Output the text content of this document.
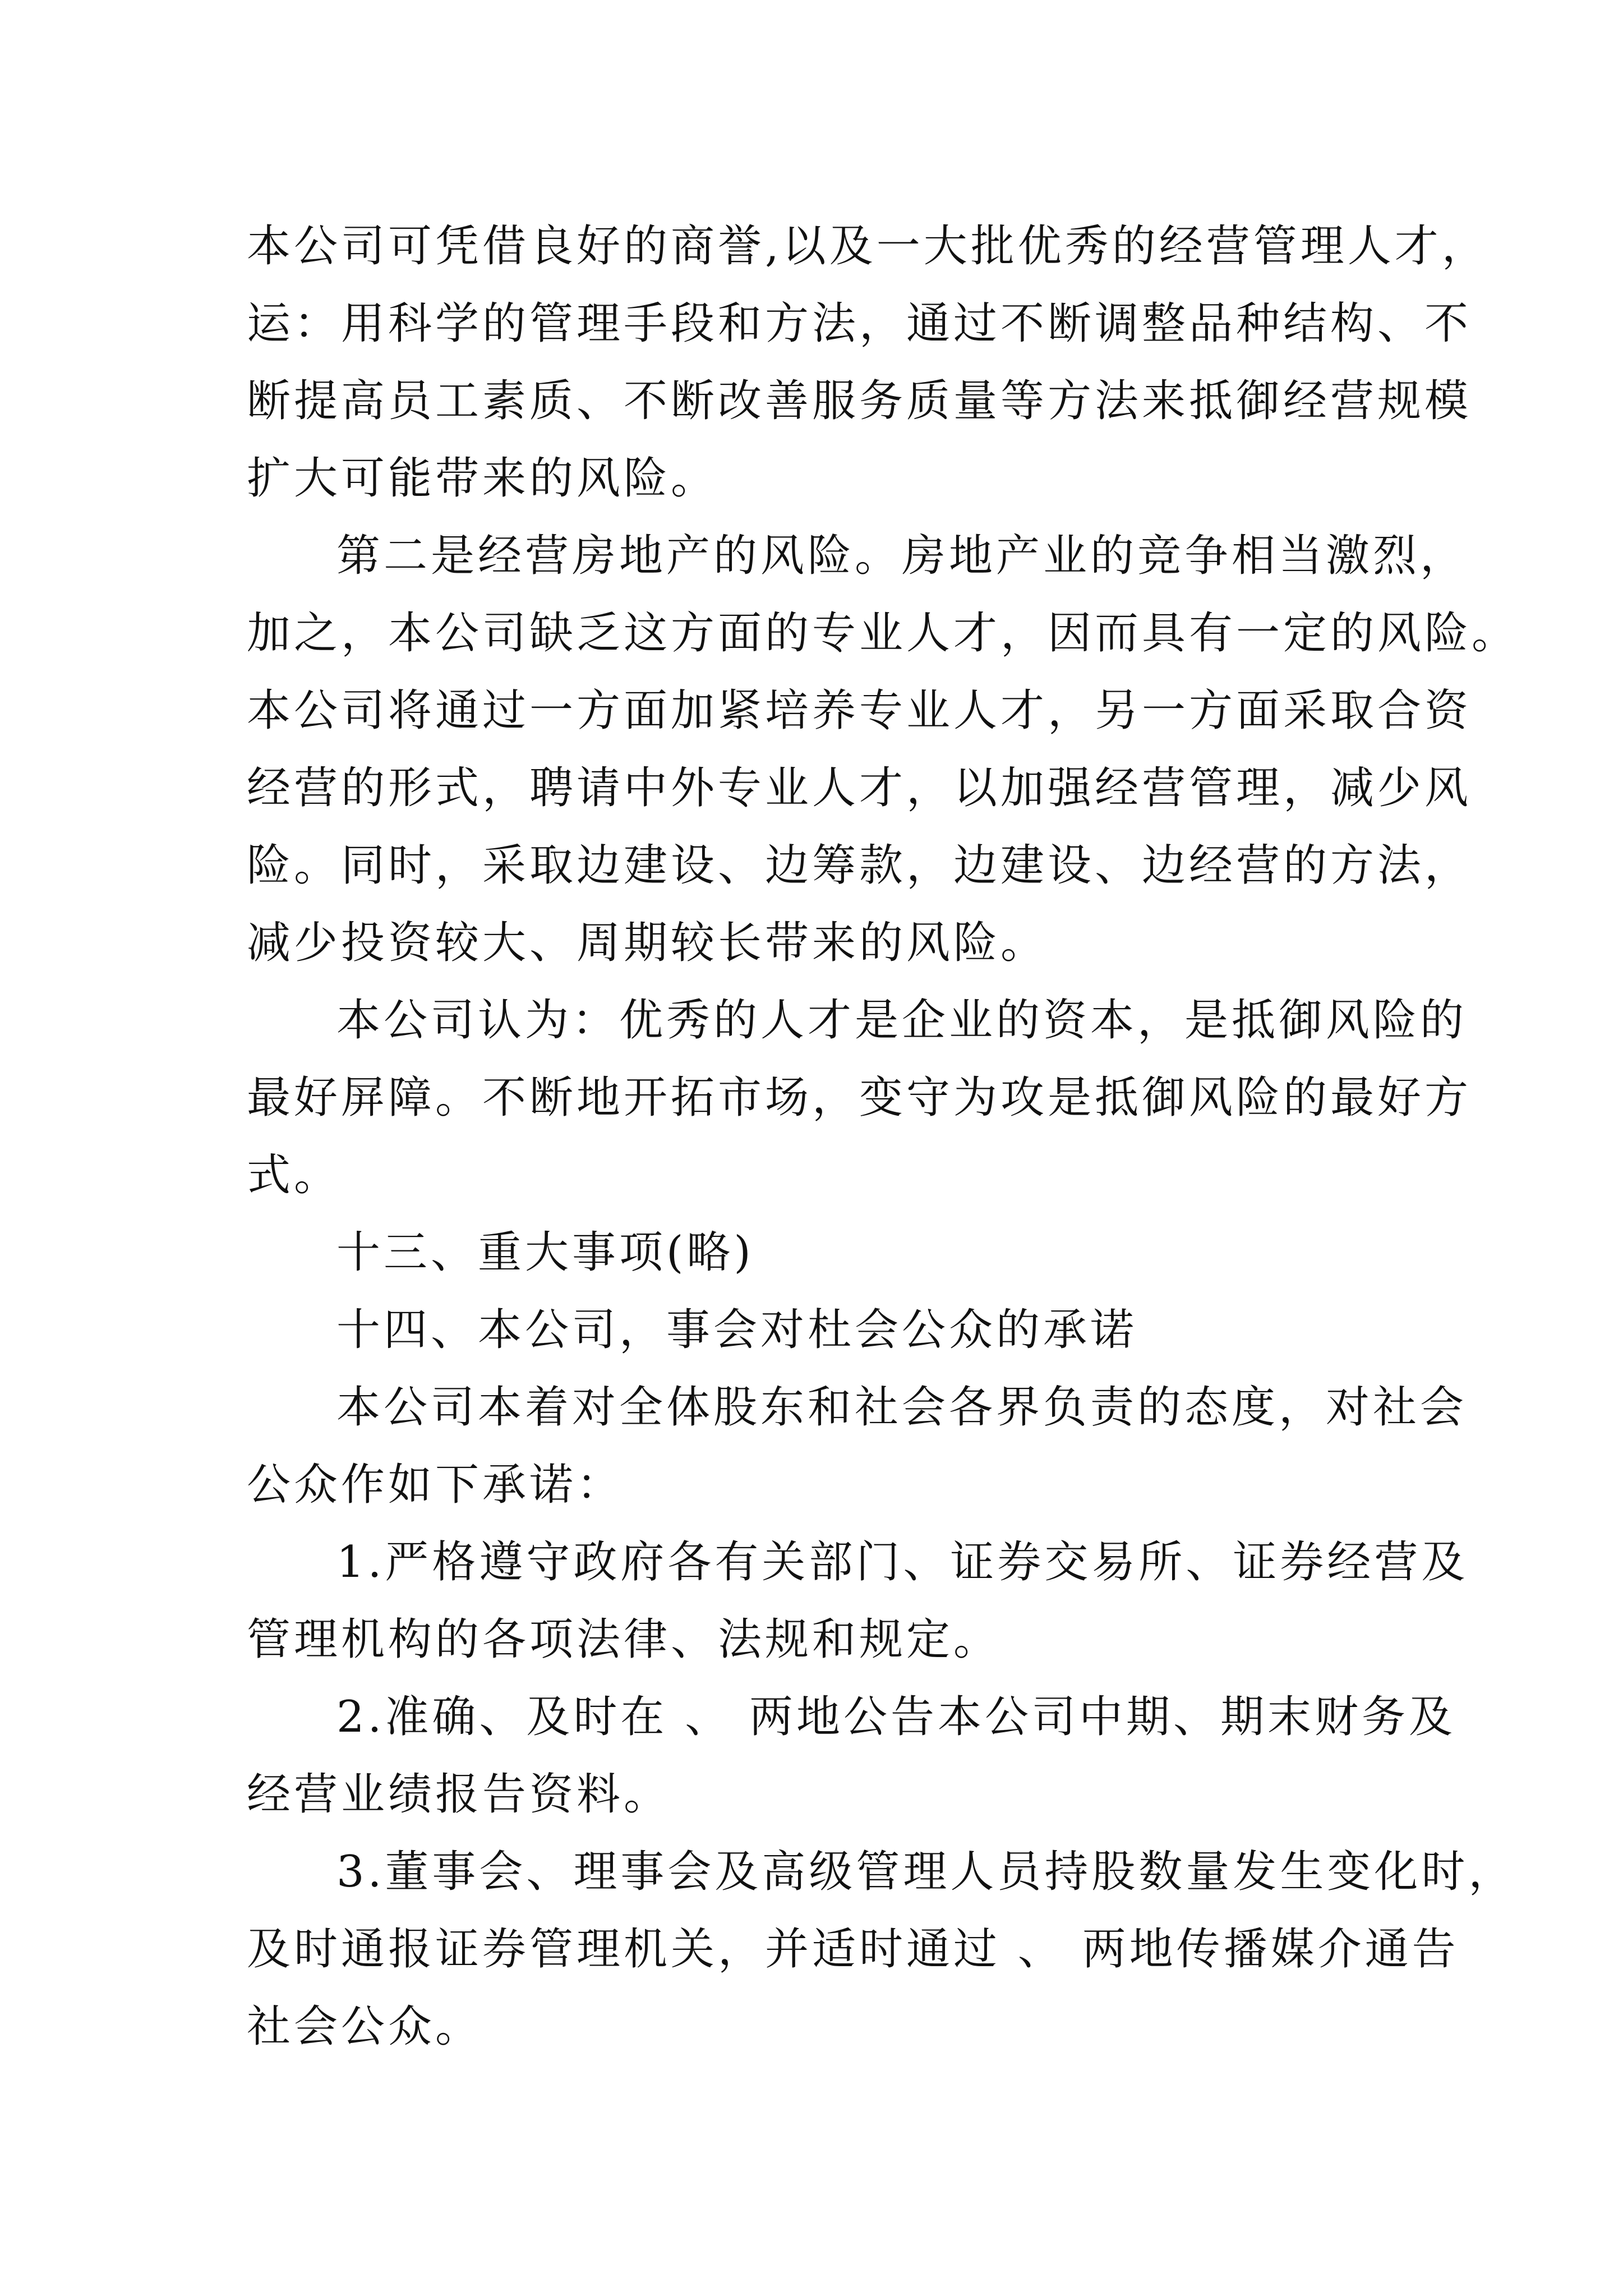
本公司可凭借良好的商誉,以及一大批优秀的经营管理人才，
运：用科学的管理手段和方法，通过不断调整品种结构、不
断提高员工素质、不断改善服务质量等方法来抵御经营规模
扩大可能带来的风险。
第二是经营房地产的风险。房地产业的竞争相当激烈，
加之，本公司缺乏这方面的专业人才，因而具有一定的风险。
本公司将通过一方面加紧培养专业人才，另一方面采取合资
经营的形式，聘请中外专业人才，以加强经营管理，减少风
险。同时，采取边建设、边筹款，边建设、边经营的方法，
减少投资较大、周期较长带来的风险。
本公司认为：优秀的人才是企业的资本，是抵御风险的
最好屏障。不断地开拓市场，变守为攻是抵御风险的最好方
式。
十三、重大事项(略)
十四、本公司，事会对杜会公众的承诺
本公司本着对全体股东和社会各界负责的态度，对社会
公众作如下承诺：
1.严格遵守政府各有关部门、证券交易所、证券经营及
管理机构的各项法律、法规和规定。
2.准确、及时在 、 两地公告本公司中期、期末财务及
经营业绩报告资料。
3.董事会、理事会及高级管理人员持股数量发生变化时，
及时通报证券管理机关，并适时通过 、 两地传播媒介通告
社会公众。
